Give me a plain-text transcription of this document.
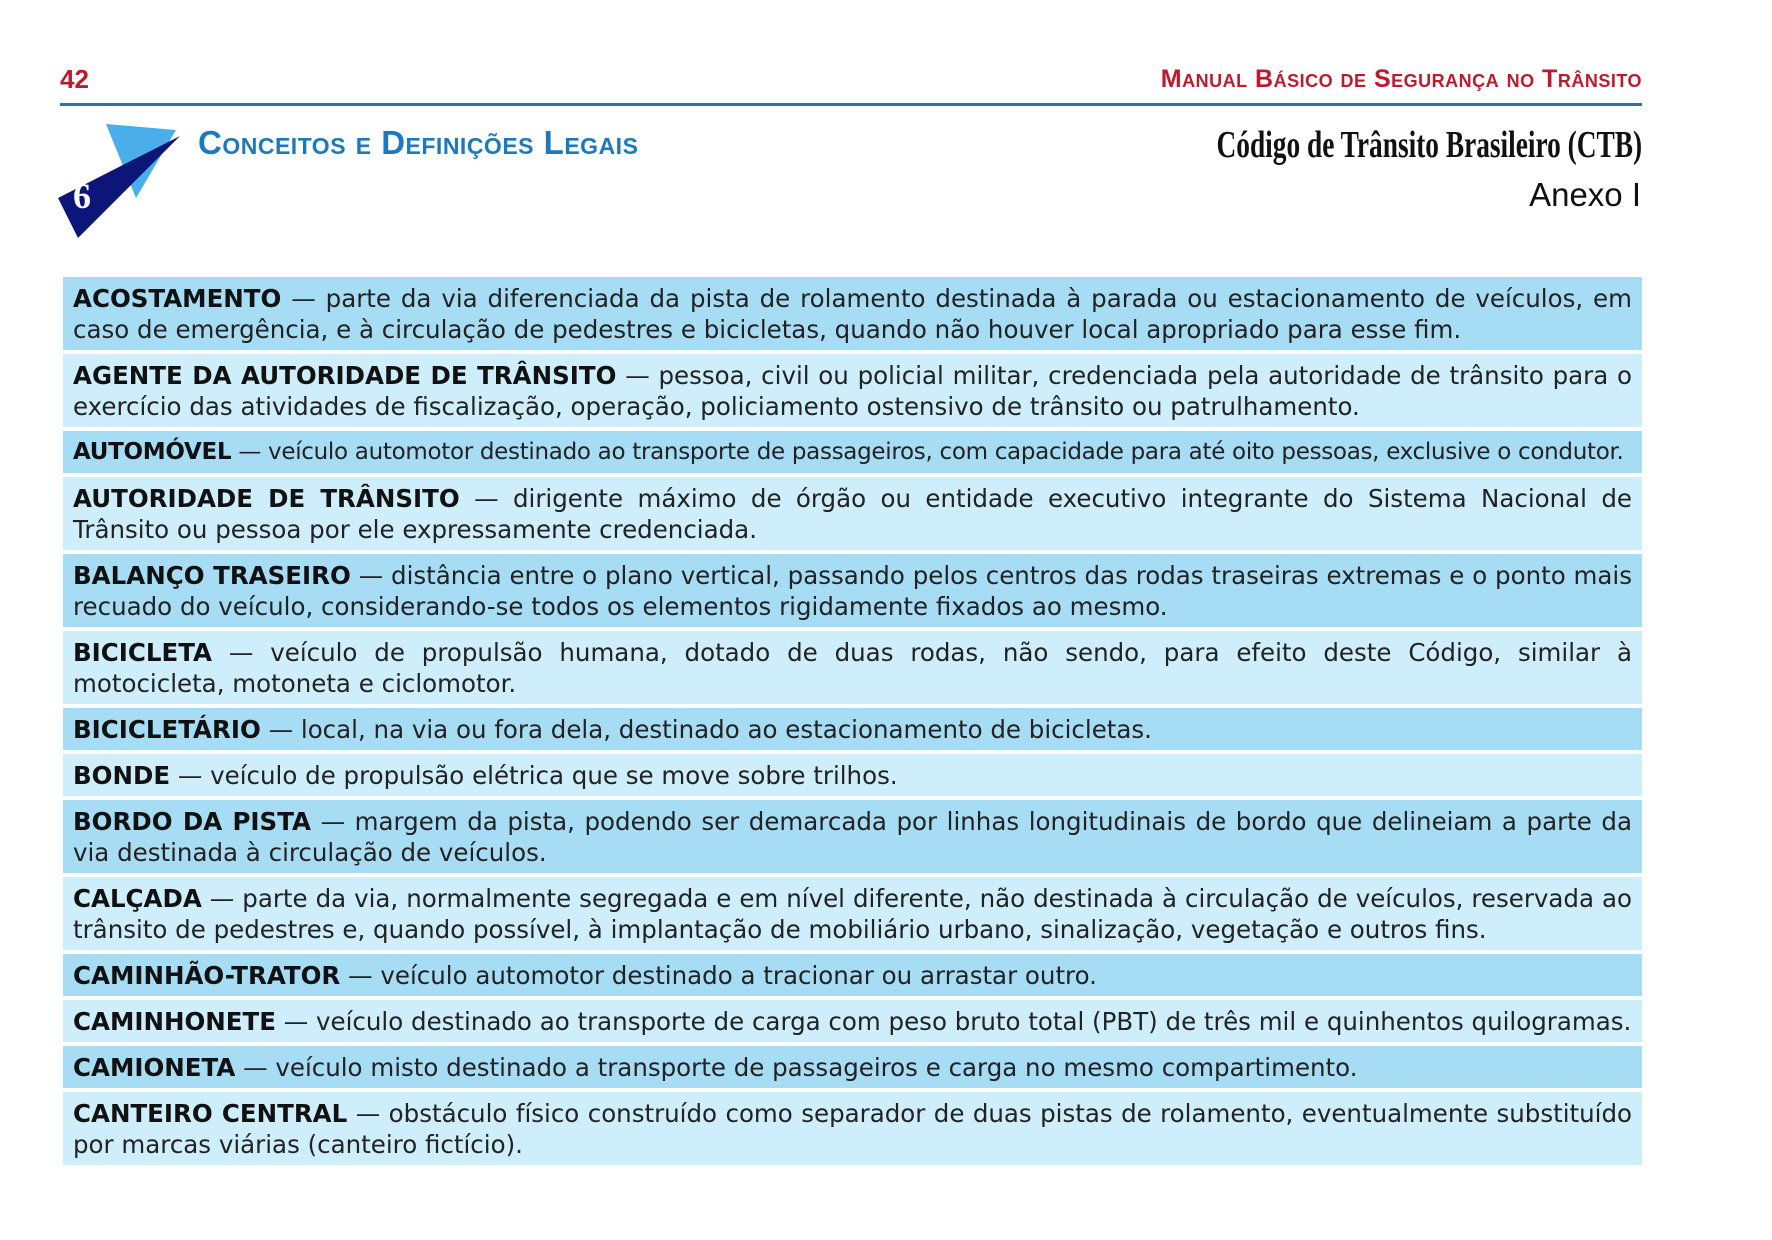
42	Manual Básico de Segurança no Trânsito
6
Conceitos e Definições Legais	Código de Trânsito Brasileiro (CTB)
Anexo I
ACOSTAMENTO — parte da via diferenciada da pista de rolamento destinada à parada ou estacionamento de veículos, em caso de emergência, e à circulação de pedestres e bicicletas, quando não houver local apropriado para esse fim.
AGENTE DA AUTORIDADE DE TRÂNSITO — pessoa, civil ou policial militar, credenciada pela autoridade de trânsito para o exercício das atividades de fiscalização, operação, policiamento ostensivo de trânsito ou patrulhamento.
AUTOMÓVEL — veículo automotor destinado ao transporte de passageiros, com capacidade para até oito pessoas, exclusive o condutor.
AUTORIDADE DE TRÂNSITO — dirigente máximo de órgão ou entidade executivo integrante do Sistema Nacional de Trânsito ou pessoa por ele expressamente credenciada.
BALANÇO TRASEIRO — distância entre o plano vertical, passando pelos centros das rodas traseiras extremas e o ponto mais recuado do veículo, considerando-se todos os elementos rigidamente fixados ao mesmo.
BICICLETA — veículo de propulsão humana, dotado de duas rodas, não sendo, para efeito deste Código, similar à motocicleta, motoneta e ciclomotor.
BICICLETÁRIO — local, na via ou fora dela, destinado ao estacionamento de bicicletas.
BONDE — veículo de propulsão elétrica que se move sobre trilhos.
BORDO DA PISTA — margem da pista, podendo ser demarcada por linhas longitudinais de bordo que delineiam a parte da via destinada à circulação de veículos.
CALÇADA — parte da via, normalmente segregada e em nível diferente, não destinada à circulação de veículos, reservada ao trânsito de pedestres e, quando possível, à implantação de mobiliário urbano, sinalização, vegetação e outros fins.
CAMINHÃO-TRATOR — veículo automotor destinado a tracionar ou arrastar outro.
CAMINHONETE — veículo destinado ao transporte de carga com peso bruto total (PBT) de três mil e quinhentos quilogramas.
CAMIONETA — veículo misto destinado a transporte de passageiros e carga no mesmo compartimento.
CANTEIRO CENTRAL — obstáculo físico construído como separador de duas pistas de rolamento, eventualmente substituído por marcas viárias (canteiro fictício).
